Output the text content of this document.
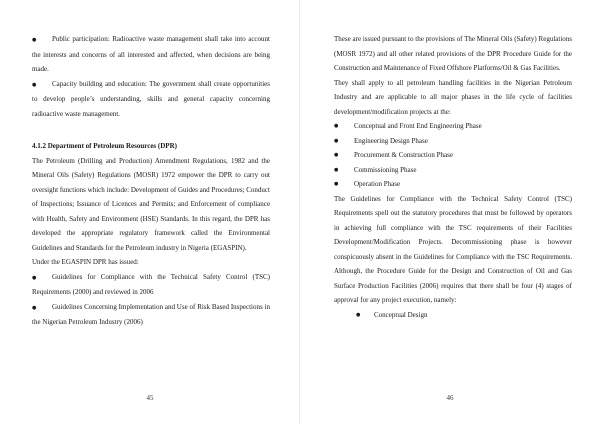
● Public participation: Radioactive waste management shall take into account the interests and concerns of all interested and affected, when decisions are being made.

● Capacity building and education: The government shall create opportunities to develop people’s understanding, skills and general capacity concerning radioactive waste management.

4.1.2 Department of Petroleum Resources (DPR)

The Petroleum (Drilling and Production) Amendment Regulations, 1982 and the Mineral Oils (Safety) Regulations (MOSR) 1972 empower the DPR to carry out oversight functions which include: Development of Guides and Procedures; Conduct of Inspections; Issuance of Licences and Permits; and Enforcement of compliance with Health, Safety and Environment (HSE) Standards. In this regard, the DPR has developed the appropriate regulatory framework called the Environmental Guidelines and Standards for the Petroleum industry in Nigeria (EGASPIN).

Under the EGASPIN DPR has issued:

● Guidelines for Compliance with the Technical Safety Control (TSC) Requirements (2000) and reviewed in 2006

● Guidelines Concerning Implementation and Use of Risk Based Inspections in the Nigerian Petroleum Industry (2006)

45

These are issued pursuant to the provisions of The Mineral Oils (Safety) Regulations (MOSR 1972) and all other related provisions of the DPR Procedure Guide for the Construction and Maintenance of Fixed Offshore Platforms/Oil & Gas Facilities.

They shall apply to all petroleum handling facilities in the Nigerian Petroleum Industry and are applicable to all major phases in the life cycle of facilities development/modification projects at the:

●	Conceptual and Front End Engineering Phase

●	Engineering Design Phase

●	Procurement & Construction Phase

●	Commissioning Phase

●	Operation Phase

The Guidelines for Compliance with the Technical Safety Control (TSC) Requirements spell out the statutory procedures that must be followed by operators in achieving full compliance with the TSC requirements of their Facilities Development/Modification Projects. Decommissioning phase is however conspicuously absent in the Guidelines for Compliance with the TSC Requirements. Although, the Procedure Guide for the Design and Construction of Oil and Gas Surface Production Facilities (2006) requires that there shall be four (4) stages of approval for any project execution, namely:

●	Conceptual Design

46
